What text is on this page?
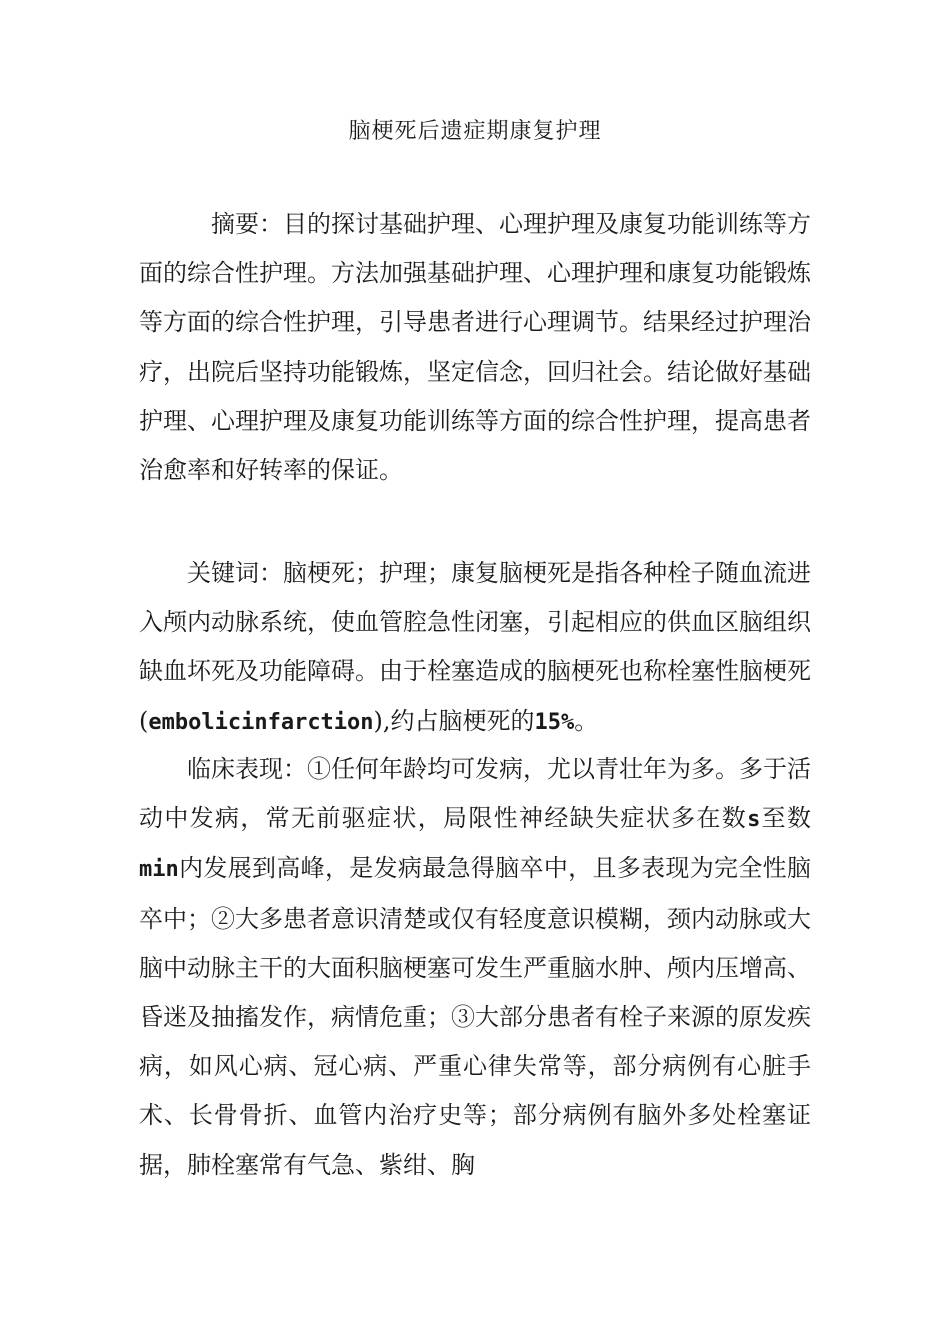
脑梗死后遗症期康复护理

摘要：目的探讨基础护理、心理护理及康复功能训练等方面的综合性护理。方法加强基础护理、心理护理和康复功能锻炼等方面的综合性护理，引导患者进行心理调节。结果经过护理治疗，出院后坚持功能锻炼，坚定信念，回归社会。结论做好基础护理、心理护理及康复功能训练等方面的综合性护理，提高患者治愈率和好转率的保证。

关键词：脑梗死；护理；康复脑梗死是指各种栓子随血流进入颅内动脉系统，使血管腔急性闭塞，引起相应的供血区脑组织缺血坏死及功能障碍。由于栓塞造成的脑梗死也称栓塞性脑梗死(embolicinfarction),约占脑梗死的15%。

临床表现：①任何年龄均可发病，尤以青壮年为多。多于活动中发病，常无前驱症状，局限性神经缺失症状多在数s至数min内发展到高峰，是发病最急得脑卒中，且多表现为完全性脑卒中；②大多患者意识清楚或仅有轻度意识模糊，颈内动脉或大脑中动脉主干的大面积脑梗塞可发生严重脑水肿、颅内压增高、昏迷及抽搐发作，病情危重；③大部分患者有栓子来源的原发疾病，如风心病、冠心病、严重心律失常等，部分病例有心脏手术、长骨骨折、血管内治疗史等；部分病例有脑外多处栓塞证据，肺栓塞常有气急、紫绀、胸
